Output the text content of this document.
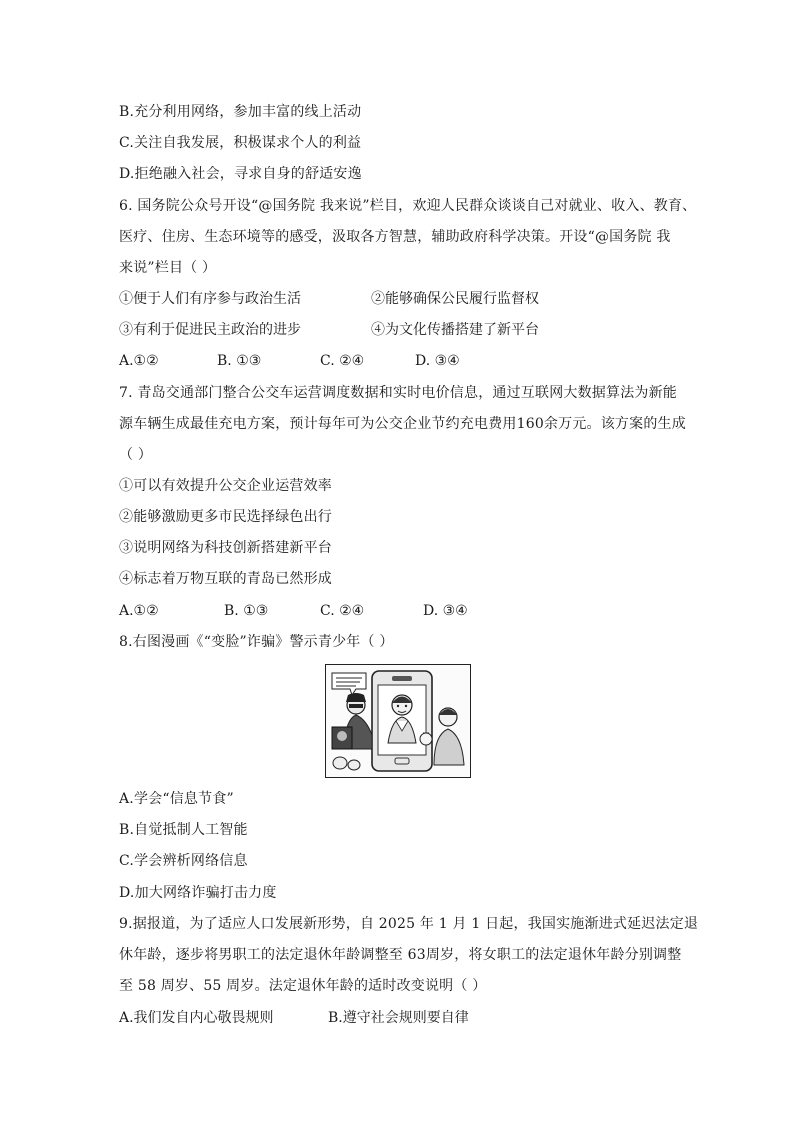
B.充分利用网络，参加丰富的线上活动
C.关注自我发展，积极谋求个人的利益
D.拒绝融入社会，寻求自身的舒适安逸
6. 国务院公众号开设“@国务院 我来说”栏目，欢迎人民群众谈谈自己对就业、收入、教育、
医疗、住房、生态环境等的感受，汲取各方智慧，辅助政府科学决策。开设“@国务院 我
来说”栏目（ ）
①便于人们有序参与政治生活	②能够确保公民履行监督权
③有利于促进民主政治的进步	④为文化传播搭建了新平台
A.①②	B. ①③	C. ②④	D. ③④
7. 青岛交通部门整合公交车运营调度数据和实时电价信息，通过互联网大数据算法为新能
源车辆生成最佳充电方案，预计每年可为公交企业节约充电费用160余万元。该方案的生成
（ ）
①可以有效提升公交企业运营效率
②能够激励更多市民选择绿色出行
③说明网络为科技创新搭建新平台
④标志着万物互联的青岛已然形成
A.①②	B. ①③	C. ②④	D. ③④
8.右图漫画《“变脸”诈骗》警示青少年（ ）
A.学会“信息节食”
B.自觉抵制人工智能
C.学会辨析网络信息
D.加大网络诈骗打击力度
9.据报道，为了适应人口发展新形势，自 2025 年 1 月 1 日起，我国实施渐进式延迟法定退
休年龄，逐步将男职工的法定退休年龄调整至 63周岁，将女职工的法定退休年龄分别调整
至 58 周岁、55 周岁。法定退休年龄的适时改变说明（ ）
A.我们发自内心敬畏规则	B.遵守社会规则要自律
